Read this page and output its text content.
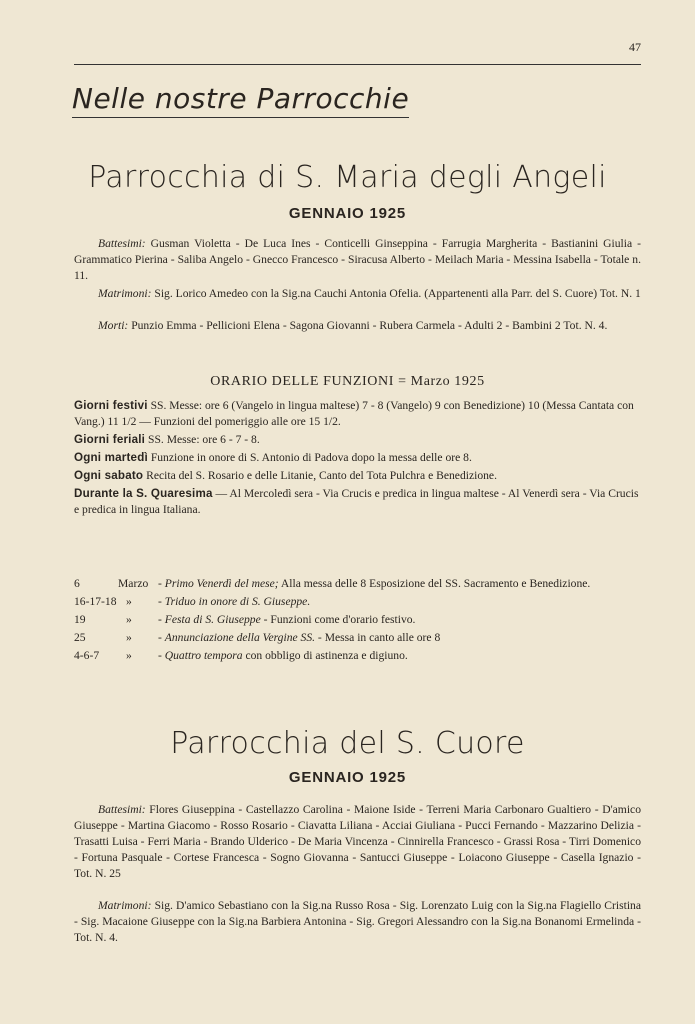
47
Nelle nostre Parrocchie
Parrocchia di S. Maria degli Angeli
GENNAIO 1925
Battesimi: Gusman Violetta - De Luca Ines - Conticelli Ginseppina - Farrugia Margherita - Bastianini Giulia - Grammatico Pierina - Saliba Angelo - Gnecco Francesco - Siracusa Alberto - Meilach Maria - Messina Isabella - Totale n. 11.
Matrimoni: Sig. Lorico Amedeo con la Sig.na Cauchi Antonia Ofelia. (Appartenenti alla Parr. del S. Cuore) Tot. N. 1
Morti: Punzio Emma - Pellicioni Elena - Sagona Giovanni - Rubera Carmela - Adulti 2 - Bambini 2 Tot. N. 4.
ORARIO DELLE FUNZIONI = Marzo 1925
Giorni festivi SS. Messe: ore 6 (Vangelo in lingua maltese) 7 - 8 (Vangelo) 9 con Benedizione) 10 (Messa Cantata con Vang.) 11 1/2 — Funzioni del pomeriggio alle ore 15 1/2.
Giorni feriali SS. Messe: ore 6 - 7 - 8.
Ogni martedì Funzione in onore di S. Antonio di Padova dopo la messa delle ore 8.
Ogni sabato Recita del S. Rosario e delle Litanie, Canto del Tota Pulchra e Benedizione.
Durante la S. Quaresima — Al Mercoledì sera - Via Crucis e predica in lingua maltese - Al Venerdì sera - Via Crucis e predica in lingua Italiana.
6	Marzo - Primo Venerdì del mese; Alla messa delle 8 Esposizione del SS. Sacramento e Benedizione.
16-17-18 »	- Triduo in onore di S. Giuseppe.
19	»	- Festa di S. Giuseppe - Funzioni come d'orario festivo.
25	»	- Annunciazione della Vergine SS. - Messa in canto alle ore 8
4-6-7	»	- Quattro tempora con obbligo di astinenza e digiuno.
Parrocchia del S. Cuore
GENNAIO 1925
Battesimi: Flores Giuseppina - Castellazzo Carolina - Maione Iside - Terreni Maria Carbonaro Gualtiero - D'amico Giuseppe - Martina Giacomo - Rosso Rosario - Ciavatta Liliana - Acciai Giuliana - Pucci Fernando - Mazzarino Delizia - Trasatti Luisa - Ferri Maria - Brando Ulderico - De Maria Vincenza - Cinnirella Francesco - Grassi Rosa - Tirri Domenico - Fortuna Pasquale - Cortese Francesca - Sogno Giovanna - Santucci Giuseppe - Loiacono Giuseppe - Casella Ignazio - Tot. N. 25
Matrimoni: Sig. D'amico Sebastiano con la Sig.na Russo Rosa - Sig. Lorenzato Luig con la Sig.na Flagiello Cristina - Sig. Macaione Giuseppe con la Sig.na Barbiera Antonina - Sig. Gregori Alessandro con la Sig.na Bonanomi Ermelinda - Tot. N. 4.
